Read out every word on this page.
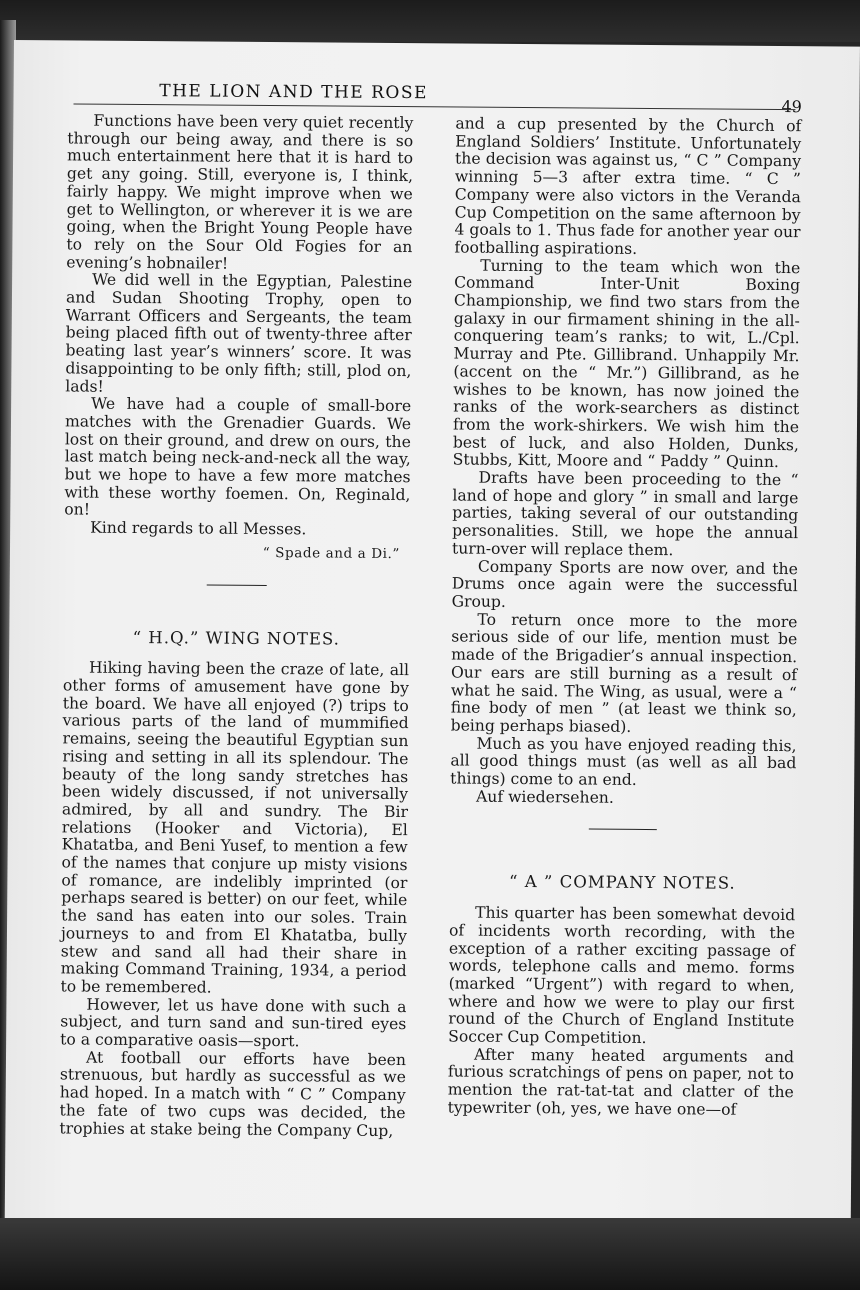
THE LION AND THE ROSE
49

Functions have been very quiet recently through our being away, and there is so much entertainment here that it is hard to get any going. Still, everyone is, I think, fairly happy. We might improve when we get to Wellington, or wherever it is we are going, when the Bright Young People have to rely on the Sour Old Fogies for an evening’s hobnailer!

We did well in the Egyptian, Palestine and Sudan Shooting Trophy, open to Warrant Officers and Sergeants, the team being placed fifth out of twenty-three after beating last year’s winners’ score. It was disappointing to be only fifth; still, plod on, lads!

We have had a couple of small-bore matches with the Grenadier Guards. We lost on their ground, and drew on ours, the last match being neck-and-neck all the way, but we hope to have a few more matches with these worthy foemen. On, Reginald, on!

Kind regards to all Messes.

“ Spade and a Di.”
“ H.Q.” WING NOTES.

Hiking having been the craze of late, all other forms of amusement have gone by the board. We have all enjoyed (?) trips to various parts of the land of mummified remains, seeing the beautiful Egyptian sun rising and setting in all its splendour. The beauty of the long sandy stretches has been widely discussed, if not universally admired, by all and sundry. The Bir relations (Hooker and Victoria), El Khatatba, and Beni Yusef, to mention a few of the names that conjure up misty visions of romance, are indelibly imprinted (or perhaps seared is better) on our feet, while the sand has eaten into our soles. Train journeys to and from El Khatatba, bully stew and sand all had their share in making Command Training, 1934, a period to be remembered.

However, let us have done with such a subject, and turn sand and sun-tired eyes to a comparative oasis—sport.

At football our efforts have been strenuous, but hardly as successful as we had hoped. In a match with “ C ” Company the fate of two cups was decided, the trophies at stake being the Company Cup,

and a cup presented by the Church of England Soldiers’ Institute. Unfortunately the decision was against us, “ C ” Company winning 5—3 after extra time. “ C ” Company were also victors in the Veranda Cup Competition on the same afternoon by 4 goals to 1. Thus fade for another year our footballing aspirations.

Turning to the team which won the Command Inter-Unit Boxing Championship, we find two stars from the galaxy in our firmament shining in the all-conquering team’s ranks; to wit, L./Cpl. Murray and Pte. Gillibrand. Unhappily Mr. (accent on the “ Mr.”) Gillibrand, as he wishes to be known, has now joined the ranks of the work-searchers as distinct from the work-shirkers. We wish him the best of luck, and also Holden, Dunks, Stubbs, Kitt, Moore and “ Paddy ” Quinn.

Drafts have been proceeding to the “ land of hope and glory ” in small and large parties, taking several of our outstanding personalities. Still, we hope the annual turn-over will replace them.

Company Sports are now over, and the Drums once again were the successful Group.

To return once more to the more serious side of our life, mention must be made of the Brigadier’s annual inspection. Our ears are still burning as a result of what he said. The Wing, as usual, were a “ fine body of men ” (at least we think so, being perhaps biased).

Much as you have enjoyed reading this, all good things must (as well as all bad things) come to an end.

Auf wiedersehen.

“ A ” COMPANY NOTES.

This quarter has been somewhat devoid of incidents worth recording, with the exception of a rather exciting passage of words, telephone calls and memo. forms (marked “Urgent”) with regard to when, where and how we were to play our first round of the Church of England Institute Soccer Cup Competition.

After many heated arguments and furious scratchings of pens on paper, not to mention the rat-tat-tat and clatter of the typewriter (oh, yes, we have one—of
